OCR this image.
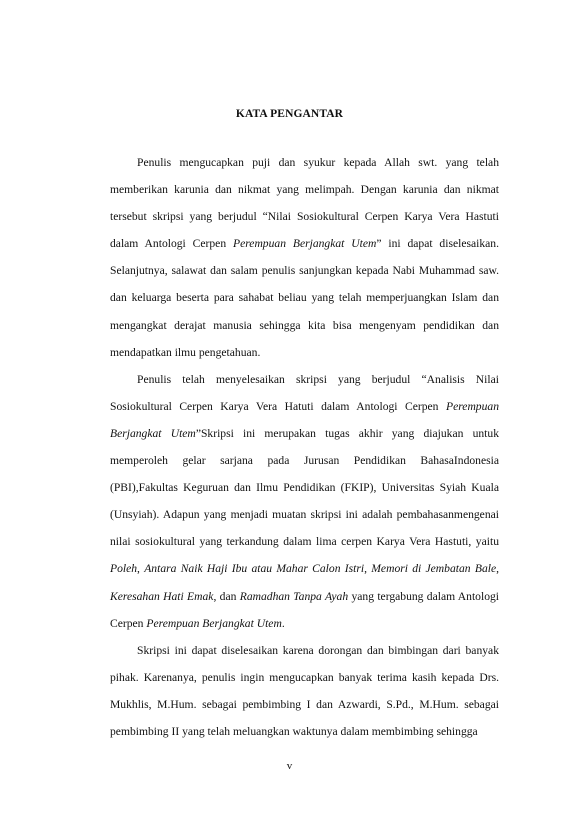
KATA PENGANTAR

Penulis mengucapkan puji dan syukur kepada Allah swt. yang telah memberikan karunia dan nikmat yang melimpah. Dengan karunia dan nikmat tersebut skripsi yang berjudul “Nilai Sosiokultural Cerpen Karya Vera Hastuti dalam Antologi Cerpen Perempuan Berjangkat Utem” ini dapat diselesaikan. Selanjutnya, salawat dan salam penulis sanjungkan kepada Nabi Muhammad saw. dan keluarga beserta para sahabat beliau yang telah memperjuangkan Islam dan mengangkat derajat manusia sehingga kita bisa mengenyam pendidikan dan mendapatkan ilmu pengetahuan.

Penulis telah menyelesaikan skripsi yang berjudul “Analisis Nilai Sosiokultural Cerpen Karya Vera Hatuti dalam Antologi Cerpen Perempuan Berjangkat Utem”Skripsi ini merupakan tugas akhir yang diajukan untuk memperoleh gelar sarjana pada Jurusan Pendidikan BahasaIndonesia (PBI),Fakultas Keguruan dan Ilmu Pendidikan (FKIP), Universitas Syiah Kuala (Unsyiah). Adapun yang menjadi muatan skripsi ini adalah pembahasanmengenai nilai sosiokultural yang terkandung dalam lima cerpen Karya Vera Hastuti, yaitu Poleh, Antara Naik Haji Ibu atau Mahar Calon Istri, Memori di Jembatan Bale, Keresahan Hati Emak, dan Ramadhan Tanpa Ayah yang tergabung dalam Antologi Cerpen Perempuan Berjangkat Utem.

Skripsi ini dapat diselesaikan karena dorongan dan bimbingan dari banyak pihak. Karenanya, penulis ingin mengucapkan banyak terima kasih kepada Drs. Mukhlis, M.Hum. sebagai pembimbing I dan Azwardi, S.Pd., M.Hum. sebagai pembimbing II yang telah meluangkan waktunya dalam membimbing sehingga

v
